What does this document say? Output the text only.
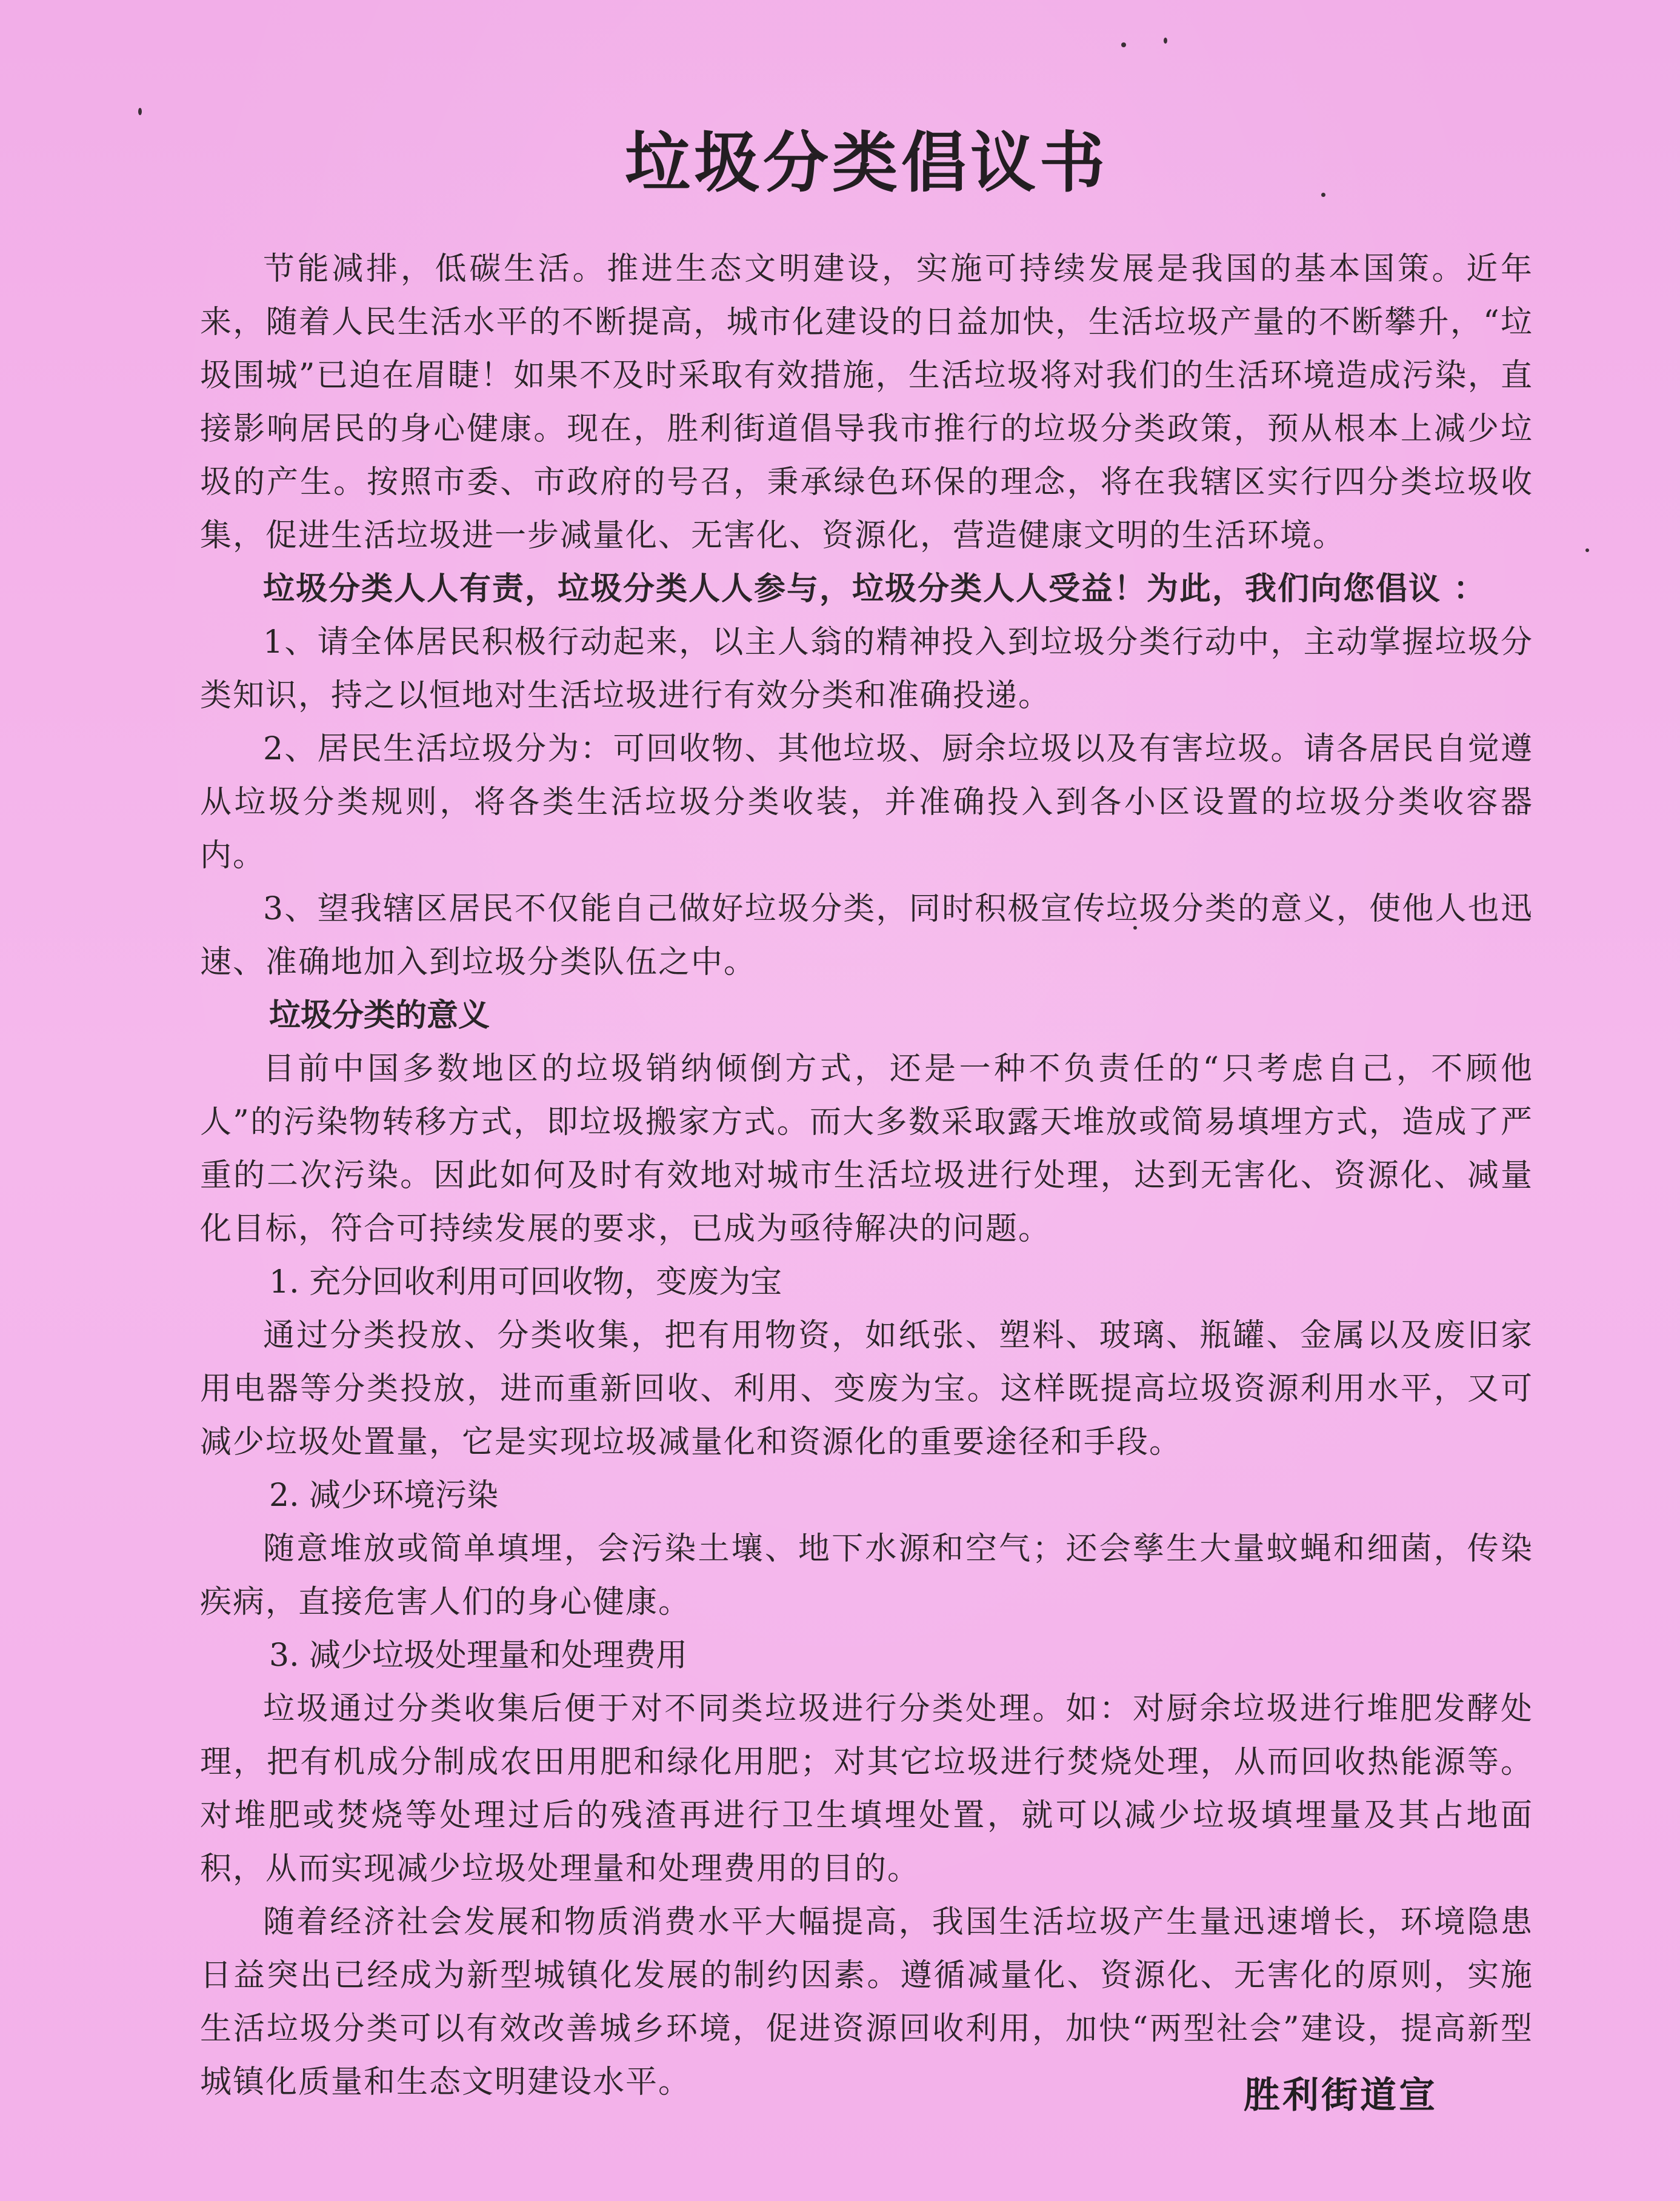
垃圾分类倡议书

节能减排，低碳生活。推进生态文明建设，实施可持续发展是我国的基本国策。近年来，随着人民生活水平的不断提高，城市化建设的日益加快，生活垃圾产量的不断攀升，“垃圾围城”已迫在眉睫！如果不及时采取有效措施，生活垃圾将对我们的生活环境造成污染，直接影响居民的身心健康。现在，胜利街道倡导我市推行的垃圾分类政策，预从根本上减少垃圾的产生。按照市委、市政府的号召，秉承绿色环保的理念，将在我辖区实行四分类垃圾收集，促进生活垃圾进一步减量化、无害化、资源化，营造健康文明的生活环境。

垃圾分类人人有责，垃圾分类人人参与，垃圾分类人人受益！为此，我们向您倡议 ：

1、请全体居民积极行动起来，以主人翁的精神投入到垃圾分类行动中，主动掌握垃圾分类知识，持之以恒地对生活垃圾进行有效分类和准确投递。

2、居民生活垃圾分为：可回收物、其他垃圾、厨余垃圾以及有害垃圾。请各居民自觉遵从垃圾分类规则，将各类生活垃圾分类收装，并准确投入到各小区设置的垃圾分类收容器内。

3、望我辖区居民不仅能自己做好垃圾分类，同时积极宣传垃圾分类的意义，使他人也迅速、准确地加入到垃圾分类队伍之中。

垃圾分类的意义

目前中国多数地区的垃圾销纳倾倒方式，还是一种不负责任的“只考虑自己，不顾他人”的污染物转移方式，即垃圾搬家方式。而大多数采取露天堆放或简易填埋方式，造成了严重的二次污染。因此如何及时有效地对城市生活垃圾进行处理，达到无害化、资源化、减量化目标，符合可持续发展的要求，已成为亟待解决的问题。

1. 充分回收利用可回收物，变废为宝

通过分类投放、分类收集，把有用物资，如纸张、塑料、玻璃、瓶罐、金属以及废旧家用电器等分类投放，进而重新回收、利用、变废为宝。这样既提高垃圾资源利用水平，又可减少垃圾处置量，它是实现垃圾减量化和资源化的重要途径和手段。

2. 减少环境污染

随意堆放或简单填埋，会污染土壤、地下水源和空气；还会孳生大量蚊蝇和细菌，传染疾病，直接危害人们的身心健康。

3. 减少垃圾处理量和处理费用

垃圾通过分类收集后便于对不同类垃圾进行分类处理。如：对厨余垃圾进行堆肥发酵处理，把有机成分制成农田用肥和绿化用肥；对其它垃圾进行焚烧处理，从而回收热能源等。对堆肥或焚烧等处理过后的残渣再进行卫生填埋处置，就可以减少垃圾填埋量及其占地面积，从而实现减少垃圾处理量和处理费用的目的。

随着经济社会发展和物质消费水平大幅提高，我国生活垃圾产生量迅速增长，环境隐患日益突出已经成为新型城镇化发展的制约因素。遵循减量化、资源化、无害化的原则，实施生活垃圾分类可以有效改善城乡环境，促进资源回收利用，加快“两型社会”建设，提高新型城镇化质量和生态文明建设水平。	胜利街道宣
